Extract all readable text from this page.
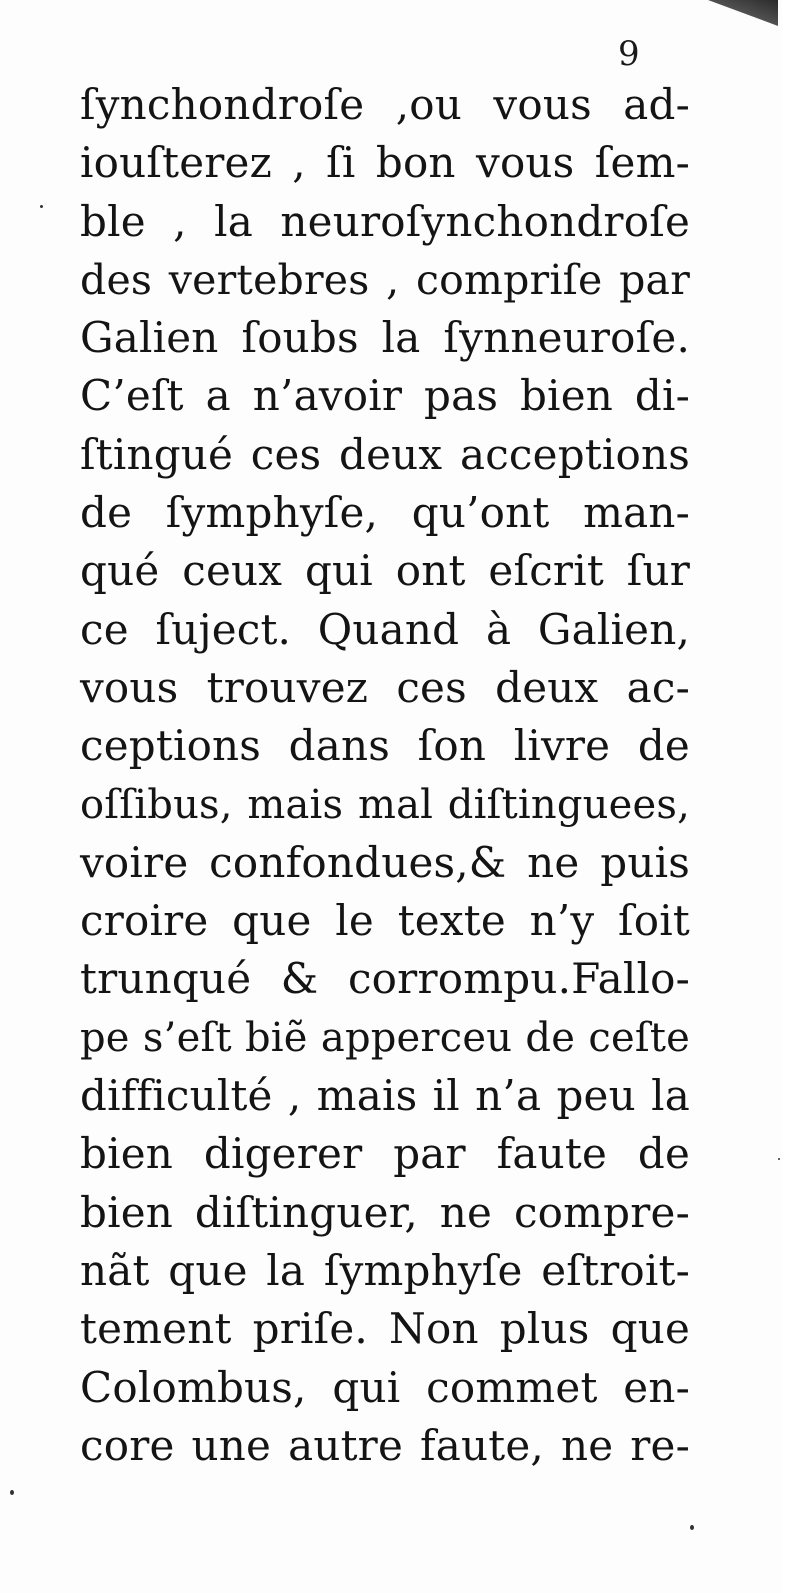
9

ſynchondroſe ,ou vous ad-
iouſterez , ſi bon vous ſem-
ble , la neuroſynchondroſe
des vertebres , compriſe par
Galien ſoubs la ſynneuroſe.
C’eſt a n’avoir pas bien di-
ſtingué ces deux acceptions
de ſymphyſe, qu’ont man-
qué ceux qui ont eſcrit ſur
ce ſuject. Quand à Galien,
vous trouvez ces deux ac-
ceptions dans ſon livre de
oſſibus, mais mal diſtinguees,
voire confondues,& ne puis
croire que le texte n’y ſoit
trunqué & corrompu.Fallo-
pe s’eſt biẽ apperceu de ceſte
difficulté , mais il n’a peu la
bien digerer par faute de
bien diſtinguer, ne compre-
nãt que la ſymphyſe eſtroit-
tement priſe. Non plus que
Colombus, qui commet en-
core une autre faute, ne re-
